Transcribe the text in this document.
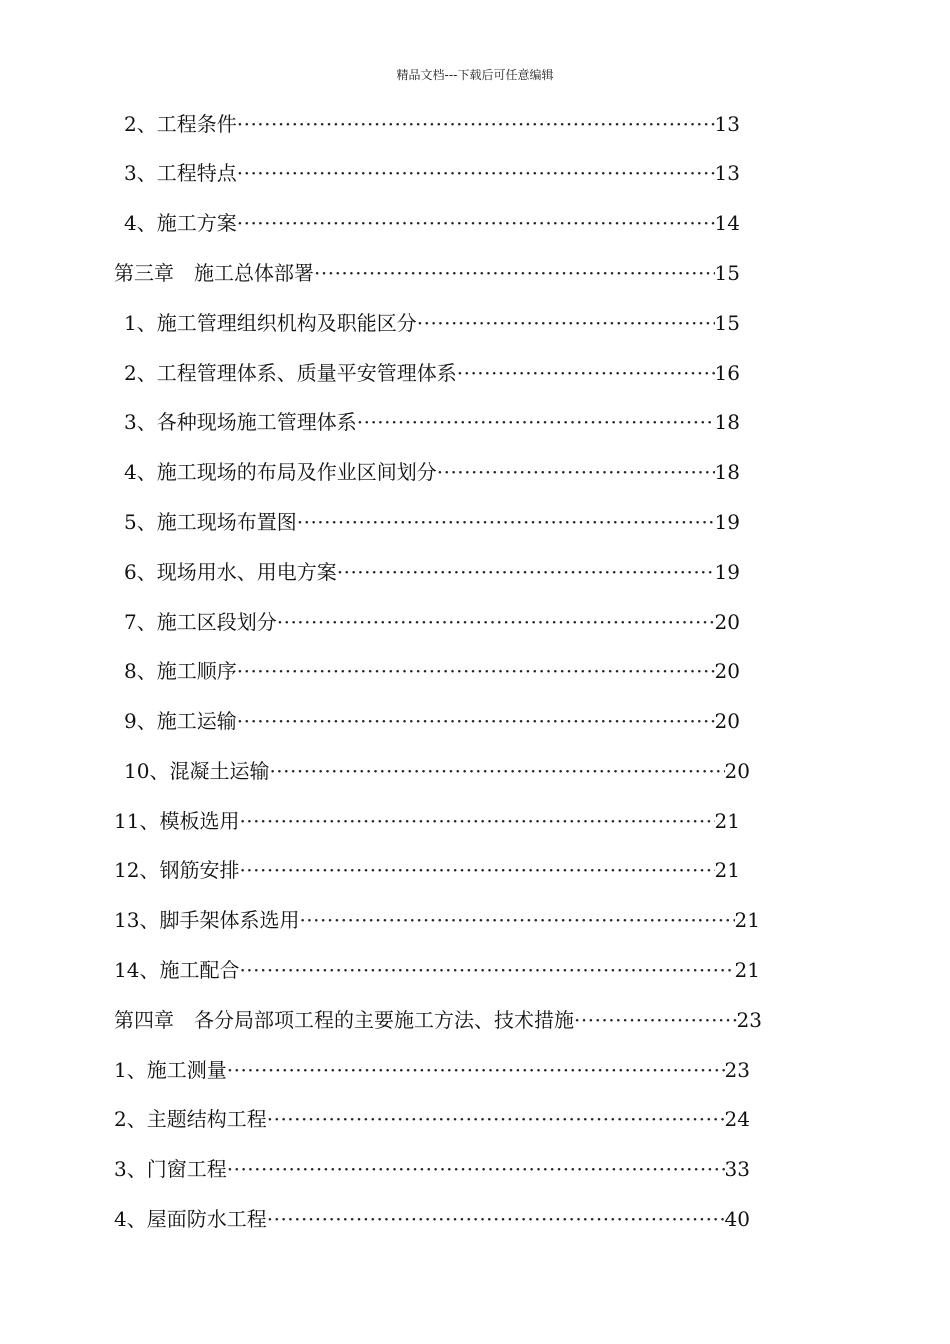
精品文档---下载后可任意编辑
2、工程条件 ·····	13
3、工程特点 ·····	13
4、施工方案 ·····	14
第三章　施工总体部署 ·····	15
1、施工管理组织机构及职能区分 ·····	15
2、工程管理体系、质量平安管理体系 ·····	16
3、各种现场施工管理体系 ·····	18
4、施工现场的布局及作业区间划分 ·····	18
5、施工现场布置图 ·····	19
6、现场用水、用电方案 ·····	19
7、施工区段划分 ·····	20
8、施工顺序 ·····	20
9、施工运输 ·····	20
10、混凝土运输 ·····	20
11、模板选用 ·····	21
12、钢筋安排 ·····	21
13、脚手架体系选用 ·····	21
14、施工配合 ·····	21
第四章　各分局部项工程的主要施工方法、技术措施 ·····	23
1、施工测量 ·····	23
2、主题结构工程 ·····	24
3、门窗工程 ·····	33
4、屋面防水工程 ·····	40
